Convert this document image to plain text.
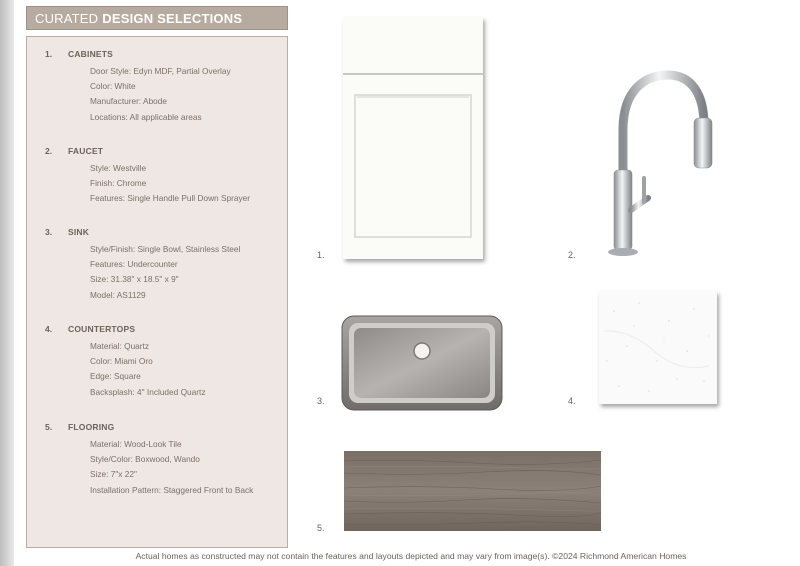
CURATED DESIGN SELECTIONS
1. CABINETS
Door Style: Edyn MDF, Partial Overlay
Color: White
Manufacturer: Abode
Locations: All applicable areas
2. FAUCET
Style: Westville
Finish: Chrome
Features: Single Handle Pull Down Sprayer
3. SINK
Style/Finish: Single Bowl, Stainless Steel
Features: Undercounter
Size: 31.38" x 18.5" x 9"
Model: AS1129
4. COUNTERTOPS
Material: Quartz
Color: Miami Oro
Edge: Square
Backsplash: 4" Included Quartz
5. FLOORING
Material: Wood-Look Tile
Style/Color: Boxwood, Wando
Size: 7"x 22"
Installation Pattern: Staggered Front to Back
1.	2.
3.	4.
5.
Actual homes as constructed may not contain the features and layouts depicted and may vary from image(s). ©2024 Richmond American Homes
